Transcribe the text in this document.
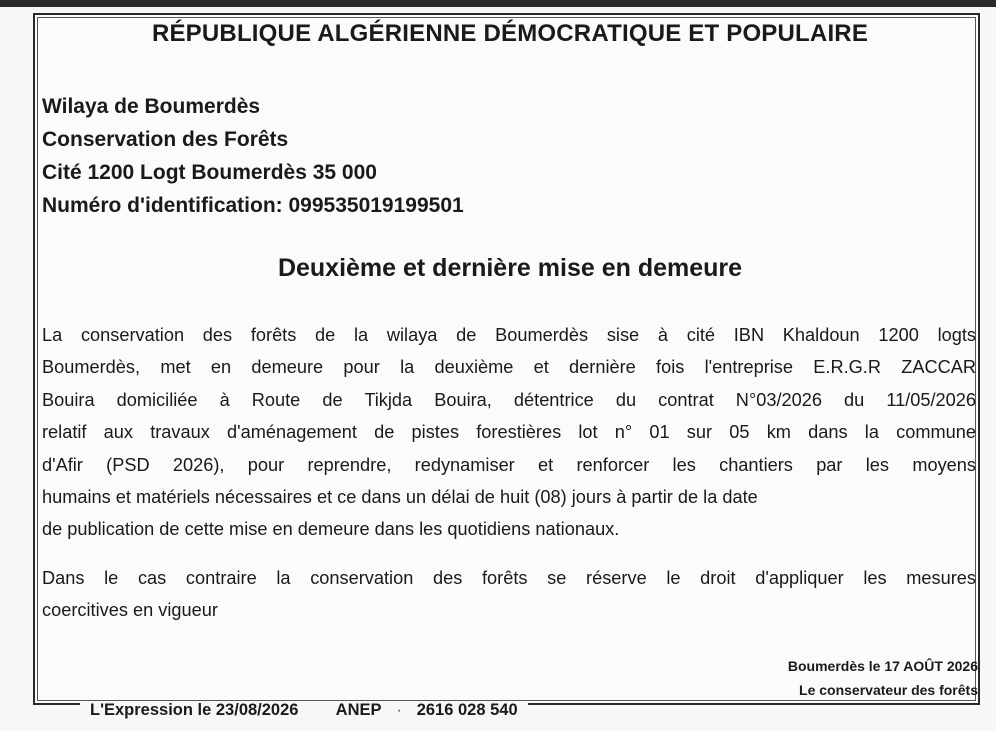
RÉPUBLIQUE ALGÉRIENNE DÉMOCRATIQUE ET POPULAIRE
Wilaya de Boumerdès
Conservation des Forêts
Cité 1200 Logt Boumerdès 35 000
Numéro d'identification: 099535019199501
Deuxième et dernière mise en demeure
La conservation des forêts de la wilaya de Boumerdès sise à cité IBN Khaldoun 1200 logts
Boumerdès, met en demeure pour la deuxième et dernière fois l'entreprise E.R.G.R ZACCAR
Bouira domiciliée à Route de Tikjda Bouira, détentrice du contrat N°03/2026 du 11/05/2026
relatif aux travaux d'aménagement de pistes forestières lot n° 01 sur 05 km dans la commune
d'Afir (PSD 2026), pour reprendre, redynamiser et renforcer les chantiers par les moyens
humains et matériels nécessaires et ce dans un délai de huit (08) jours à partir de la date
de publication de cette mise en demeure dans les quotidiens nationaux.
Dans le cas contraire la conservation des forêts se réserve le droit d'appliquer les mesures
coercitives en vigueur
Boumerdès le 17 AOÛT 2026
Le conservateur des forêts
L'Expression le 23/08/2026 ANEP · 2616 028 540
